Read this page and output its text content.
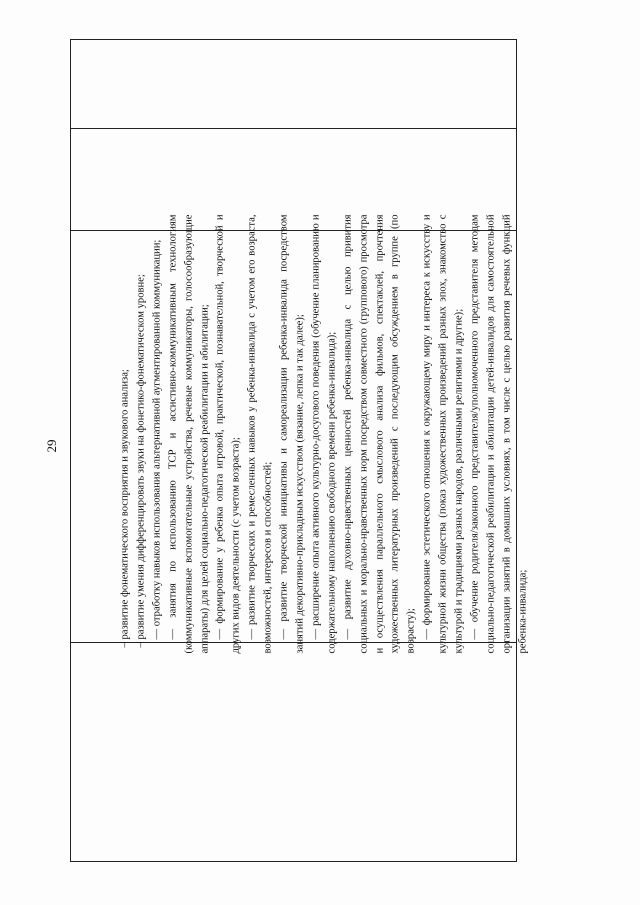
29	– развитие фонематического восприятия и звукового анализа; – развитие умения дифференцировать звуки на фонетико-фонематическом уровне; — отработку навыков использования альтернативной аугментированной коммуникации; — занятия по использованию ТСР и ассистивно-коммуникативным технологиям (коммуникативные вспомогательные устройства, речевые коммуникаторы, голосообразующие аппараты) для целей социально-педагогической реабилитации и абилитации; — формирование у ребенка опыта игровой, практической, познавательной, творческой и других видов деятельности (с учетом возраста); — развитие творческих и ремесленных навыков у ребенка-инвалида с учетом его возраста, возможностей, интересов и способностей; — развитие творческой инициативы и самореализации ребенка-инвалида посредством занятий декоративно-прикладным искусством (вязание, лепка и так далее); — расширение опыта активного культурно-досугового поведения (обучение планированию и содержательному наполнению свободного времени ребенка-инвалида); — развитие духовно-нравственных ценностей ребенка-инвалида с целью привития социальных и морально-нравственных норм посредством совместного (группового) просмотра и осуществления параллельного смыслового анализа фильмов, спектаклей, прочтения художественных литературных произведений с последующим обсуждением в группе (по возрасту); — формирование эстетического отношения к окружающему миру и интереса к искусству и культурной жизни общества (показ художественных произведений разных эпох, знакомство с культурой и традициями разных народов, различными религиями и другие); — обучение родителя/законного представителя/уполномоченного представителя методам социально-педагогической реабилитации и абилитации детей-инвалидов для самостоятельной организации занятий в домашних условиях, в том числе с целью развития речевых функций ребенка-инвалида;
